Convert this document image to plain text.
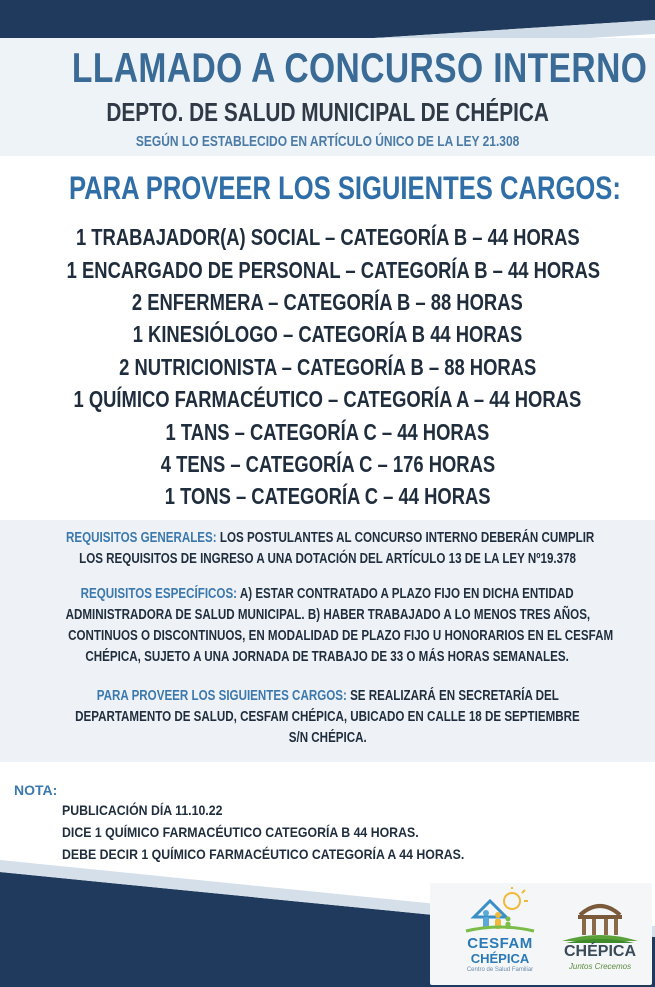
LLAMADO A CONCURSO INTERNO
DEPTO. DE SALUD MUNICIPAL DE CHÉPICA
SEGÚN LO ESTABLECIDO EN ARTÍCULO ÚNICO DE LA LEY 21.308
PARA PROVEER LOS SIGUIENTES CARGOS:
1 TRABAJADOR(A) SOCIAL – CATEGORÍA B – 44 HORAS
1 ENCARGADO DE PERSONAL – CATEGORÍA B – 44 HORAS
2 ENFERMERA – CATEGORÍA B – 88 HORAS
1 KINESIÓLOGO – CATEGORÍA B 44 HORAS
2 NUTRICIONISTA – CATEGORÍA B – 88 HORAS
1 QUÍMICO FARMACÉUTICO – CATEGORÍA A – 44 HORAS
1 TANS – CATEGORÍA C – 44 HORAS
4 TENS – CATEGORÍA C – 176 HORAS
1 TONS – CATEGORÍA C – 44 HORAS
REQUISITOS GENERALES: LOS POSTULANTES AL CONCURSO INTERNO DEBERÁN CUMPLIR
LOS REQUISITOS DE INGRESO A UNA DOTACIÓN DEL ARTÍCULO 13 DE LA LEY Nº19.378
REQUISITOS ESPECÍFICOS: A) ESTAR CONTRATADO A PLAZO FIJO EN DICHA ENTIDAD
ADMINISTRADORA DE SALUD MUNICIPAL. B) HABER TRABAJADO A LO MENOS TRES AÑOS,
CONTINUOS O DISCONTINUOS, EN MODALIDAD DE PLAZO FIJO U HONORARIOS EN EL CESFAM
CHÉPICA, SUJETO A UNA JORNADA DE TRABAJO DE 33 O MÁS HORAS SEMANALES.
PARA PROVEER LOS SIGUIENTES CARGOS: SE REALIZARÁ EN SECRETARÍA DEL
DEPARTAMENTO DE SALUD, CESFAM CHÉPICA, UBICADO EN CALLE 18 DE SEPTIEMBRE
S/N CHÉPICA.
NOTA:
PUBLICACIÓN DÍA 11.10.22
DICE 1 QUÍMICO FARMACÉUTICO CATEGORÍA B 44 HORAS.
DEBE DECIR 1 QUÍMICO FARMACÉUTICO CATEGORÍA A 44 HORAS.
CESFAM
CHÉPICA
Centro de Salud Familiar
CHÉPICA
Juntos Crecemos
